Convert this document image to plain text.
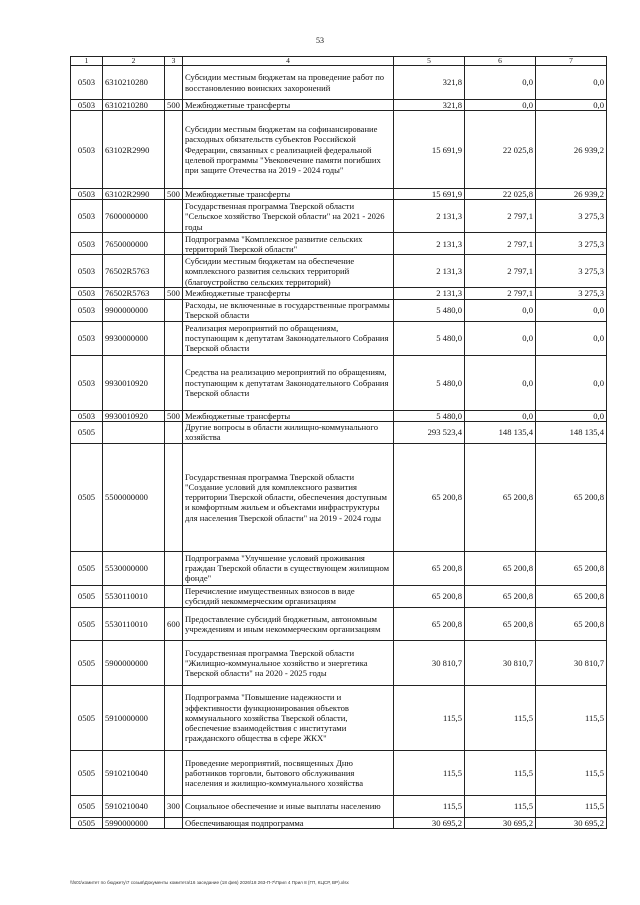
53
1	2	3	4	5	6	7
0503	6310210280		Субсидии местным бюджетам на проведение работ по восстановлению воинских захоронений	321,8	0,0	0,0
0503	6310210280	500	Межбюджетные трансферты	321,8	0,0	0,0
0503	63102R2990		Субсидии местным бюджетам на софинансирование расходных обязательств субъектов Российской Федерации, связанных с реализацией федеральной целевой программы "Увековечение памяти погибших при защите Отечества на 2019 - 2024 годы"	15 691,9	22 025,8	26 939,2
0503	63102R2990	500	Межбюджетные трансферты	15 691,9	22 025,8	26 939,2
0503	7600000000		Государственная программа Тверской области "Сельское хозяйство Тверской области" на 2021 - 2026 годы	2 131,3	2 797,1	3 275,3
0503	7650000000		Подпрограмма "Комплексное развитие сельских территорий Тверской области"	2 131,3	2 797,1	3 275,3
0503	76502R5763		Субсидии местным бюджетам на обеспечение комплексного развития сельских территорий (благоустройство сельских территорий)	2 131,3	2 797,1	3 275,3
0503	76502R5763	500	Межбюджетные трансферты	2 131,3	2 797,1	3 275,3
0503	9900000000		Расходы, не включенные в государственные программы Тверской области	5 480,0	0,0	0,0
0503	9930000000		Реализация мероприятий по обращениям, поступающим к депутатам Законодательного Собрания Тверской области	5 480,0	0,0	0,0
0503	9930010920		Средства на реализацию мероприятий по обращениям, поступающим к депутатам Законодательного Собрания Тверской области	5 480,0	0,0	0,0
0503	9930010920	500	Межбюджетные трансферты	5 480,0	0,0	0,0
0505			Другие вопросы в области жилищно-коммунального хозяйства	293 523,4	148 135,4	148 135,4
0505	5500000000		Государственная программа Тверской области "Создание условий для комплексного развития территории Тверской области, обеспечения доступным и комфортным жильем и объектами инфраструктуры для населения Тверской области" на 2019 - 2024 годы	65 200,8	65 200,8	65 200,8
0505	5530000000		Подпрограмма "Улучшение условий проживания граждан Тверской области в существующем жилищном фонде"	65 200,8	65 200,8	65 200,8
0505	5530110010		Перечисление имущественных взносов в виде субсидий некоммерческим организациям	65 200,8	65 200,8	65 200,8
0505	5530110010	600	Предоставление субсидий бюджетным, автономным учреждениям и иным некоммерческим организациям	65 200,8	65 200,8	65 200,8
0505	5900000000		Государственная программа Тверской области "Жилищно-коммунальное хозяйство и энергетика Тверской области" на 2020 - 2025 годы	30 810,7	30 810,7	30 810,7
0505	5910000000		Подпрограмма "Повышение надежности и эффективности функционирования объектов коммунального хозяйства Тверской области, обеспечение взаимодействия с институтами гражданского общества в сфере ЖКХ"	115,5	115,5	115,5
0505	5910210040		Проведение мероприятий, посвященных Дню работников торговли, бытового обслуживания населения и жилищно-коммунального хозяйства	115,5	115,5	115,5
0505	5910210040	300	Социальное обеспечение и иные выплаты населению	115,5	115,5	115,5
0505	5990000000		Обеспечивающая подпрограмма	30 695,2	30 695,2	30 695,2
\\fs01\комитет по бюджету\7 созыв\Документы комитета\16 заседание (18 фев) 2026\18 263-П-7\Прил 4 Прил 8 (ГП, КЦСР, ВР).xlsx
